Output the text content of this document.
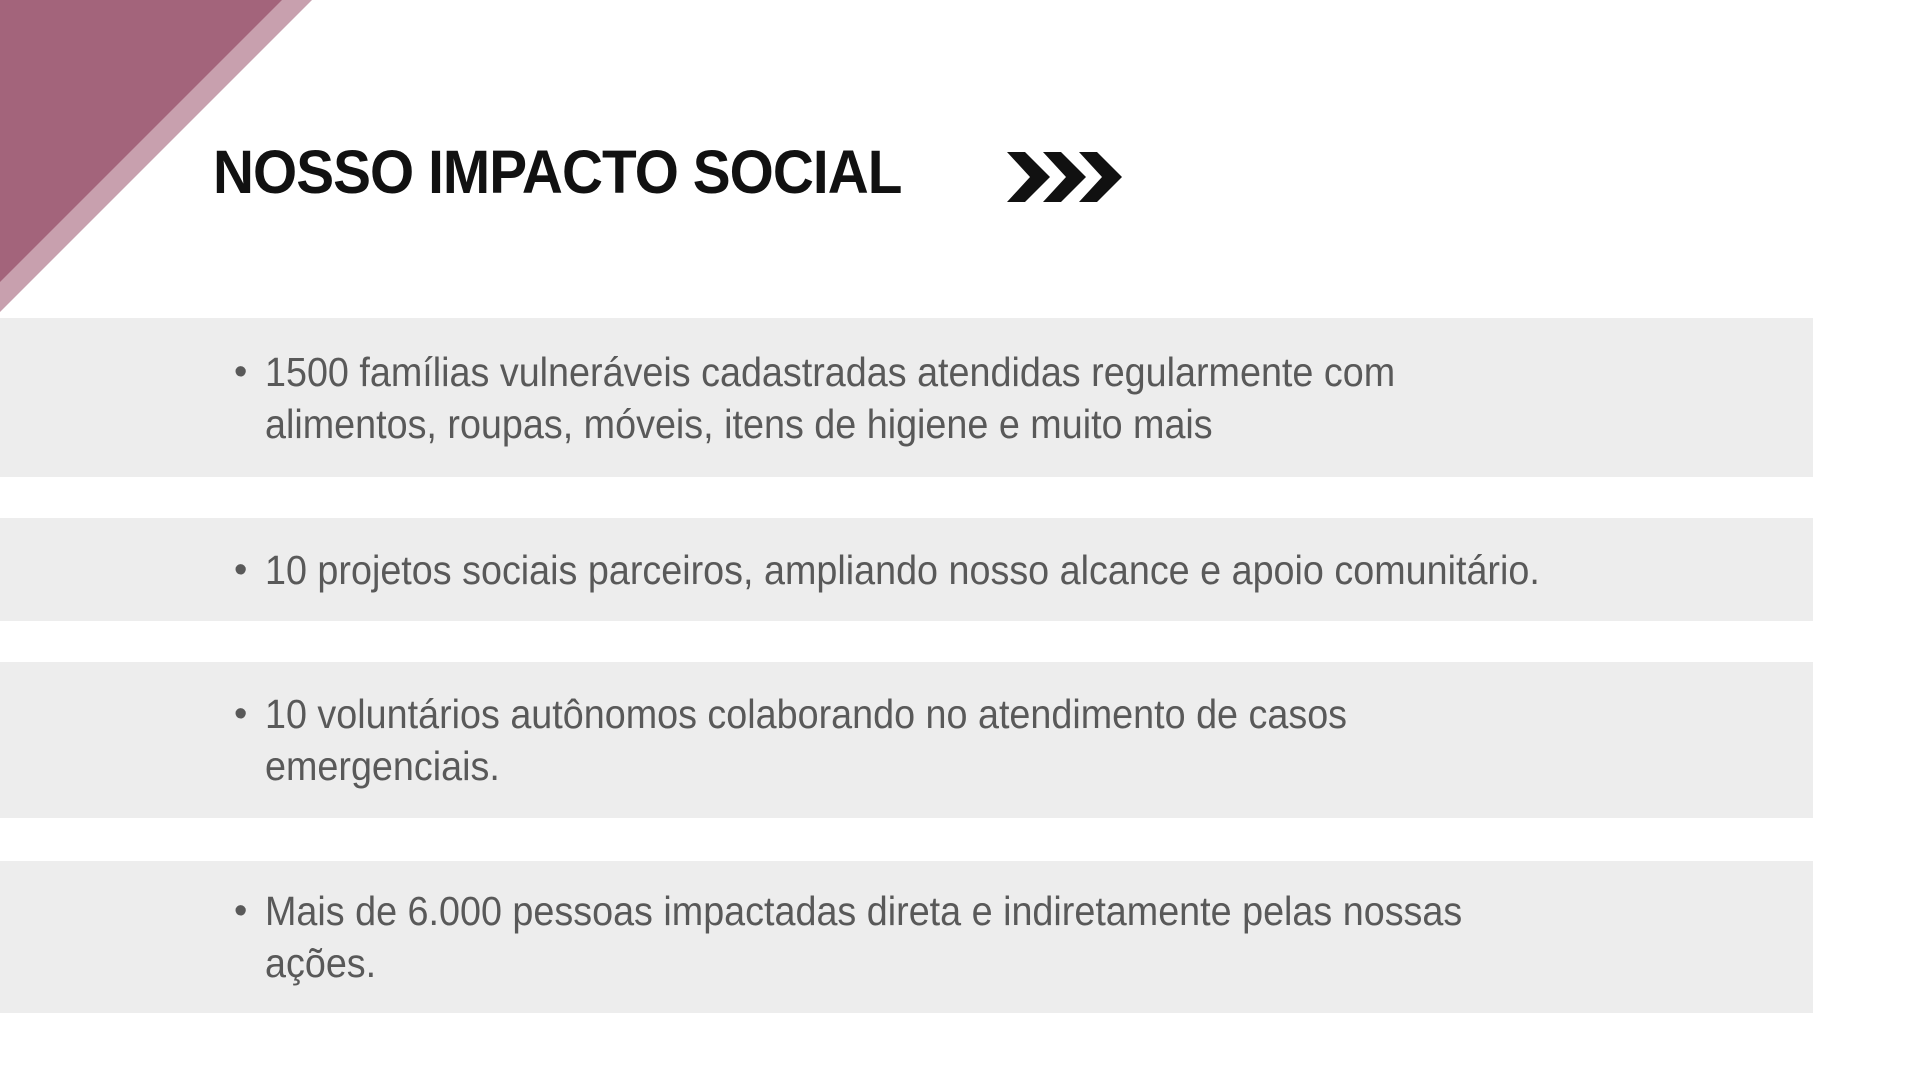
NOSSO IMPACTO SOCIAL
• 1500 famílias vulneráveis cadastradas atendidas regularmente com
alimentos, roupas, móveis, itens de higiene e muito mais
• 10 projetos sociais parceiros, ampliando nosso alcance e apoio comunitário.
• 10 voluntários autônomos colaborando no atendimento de casos
emergenciais.
• Mais de 6.000 pessoas impactadas direta e indiretamente pelas nossas
ações.
